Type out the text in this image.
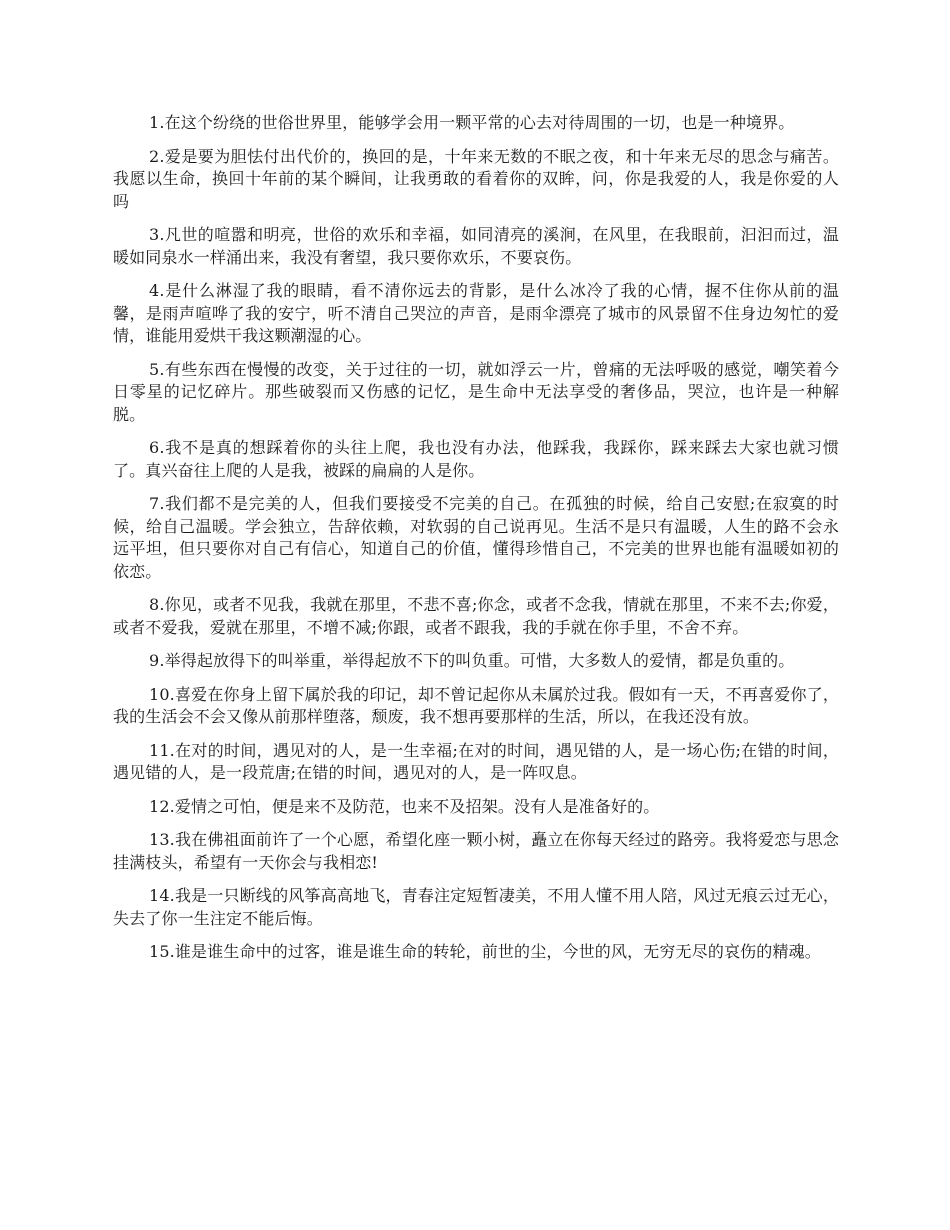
1.在这个纷绕的世俗世界里，能够学会用一颗平常的心去对待周围的一切，也是一种境界。

2.爱是要为胆怯付出代价的，换回的是，十年来无数的不眠之夜，和十年来无尽的思念与痛苦。我愿以生命，换回十年前的某个瞬间，让我勇敢的看着你的双眸，问，你是我爱的人，我是你爱的人吗

3.凡世的喧嚣和明亮，世俗的欢乐和幸福，如同清亮的溪涧，在风里，在我眼前，汩汩而过，温暖如同泉水一样涌出来，我没有奢望，我只要你欢乐，不要哀伤。

4.是什么淋湿了我的眼睛，看不清你远去的背影，是什么冰冷了我的心情，握不住你从前的温馨，是雨声喧哗了我的安宁，听不清自己哭泣的声音，是雨伞漂亮了城市的风景留不住身边匆忙的爱情，谁能用爱烘干我这颗潮湿的心。

5.有些东西在慢慢的改变，关于过往的一切，就如浮云一片，曾痛的无法呼吸的感觉，嘲笑着今日零星的记忆碎片。那些破裂而又伤感的记忆，是生命中无法享受的奢侈品，哭泣，也许是一种解脱。

6.我不是真的想踩着你的头往上爬，我也没有办法，他踩我，我踩你，踩来踩去大家也就习惯了。真兴奋往上爬的人是我，被踩的扁扁的人是你。

7.我们都不是完美的人，但我们要接受不完美的自己。在孤独的时候，给自己安慰;在寂寞的时候，给自己温暖。学会独立，告辞依赖，对软弱的自己说再见。生活不是只有温暖，人生的路不会永远平坦，但只要你对自己有信心，知道自己的价值，懂得珍惜自己，不完美的世界也能有温暖如初的依恋。

8.你见，或者不见我，我就在那里，不悲不喜;你念，或者不念我，情就在那里，不来不去;你爱，或者不爱我，爱就在那里，不增不减;你跟，或者不跟我，我的手就在你手里，不舍不弃。

9.举得起放得下的叫举重，举得起放不下的叫负重。可惜，大多数人的爱情，都是负重的。

10.喜爱在你身上留下属於我的印记，却不曾记起你从未属於过我。假如有一天，不再喜爱你了，我的生活会不会又像从前那样堕落，颓废，我不想再要那样的生活，所以，在我还没有放。

11.在对的时间，遇见对的人，是一生幸福;在对的时间，遇见错的人，是一场心伤;在错的时间，遇见错的人，是一段荒唐;在错的时间，遇见对的人，是一阵叹息。

12.爱情之可怕，便是来不及防范，也来不及招架。没有人是准备好的。

13.我在佛祖面前许了一个心愿，希望化座一颗小树，矗立在你每天经过的路旁。我将爱恋与思念挂满枝头，希望有一天你会与我相恋!

14.我是一只断线的风筝高高地飞，青春注定短暂凄美，不用人懂不用人陪，风过无痕云过无心，失去了你一生注定不能后悔。

15.谁是谁生命中的过客，谁是谁生命的转轮，前世的尘，今世的风，无穷无尽的哀伤的精魂。
